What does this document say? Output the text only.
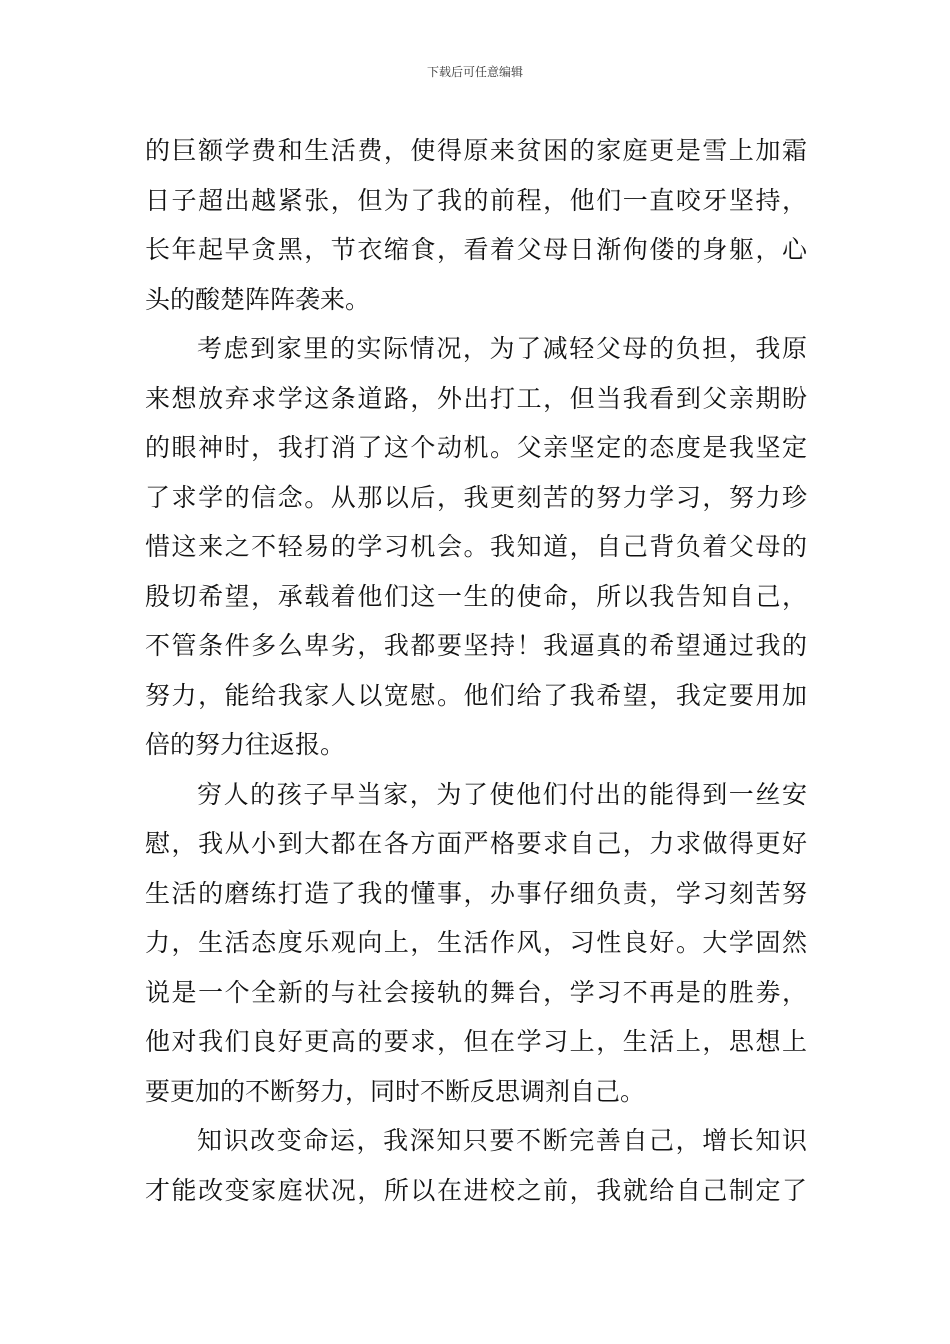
下载后可任意编辑
的巨额学费和生活费，使得原来贫困的家庭更是雪上加霜
日子超出越紧张，但为了我的前程，他们一直咬牙坚持，
长年起早贪黑，节衣缩食，看着父母日渐佝偻的身躯，心
头的酸楚阵阵袭来。
考虑到家里的实际情况，为了减轻父母的负担，我原
来想放弃求学这条道路，外出打工，但当我看到父亲期盼
的眼神时，我打消了这个动机。父亲坚定的态度是我坚定
了求学的信念。从那以后，我更刻苦的努力学习，努力珍
惜这来之不轻易的学习机会。我知道，自己背负着父母的
殷切希望，承载着他们这一生的使命，所以我告知自己，
不管条件多么卑劣，我都要坚持！我逼真的希望通过我的
努力，能给我家人以宽慰。他们给了我希望，我定要用加
倍的努力往返报。
穷人的孩子早当家，为了使他们付出的能得到一丝安
慰，我从小到大都在各方面严格要求自己，力求做得更好
生活的磨练打造了我的懂事，办事仔细负责，学习刻苦努
力，生活态度乐观向上，生活作风，习性良好。大学固然
说是一个全新的与社会接轨的舞台，学习不再是的胜劵，
他对我们良好更高的要求，但在学习上，生活上，思想上
要更加的不断努力，同时不断反思调剂自己。
知识改变命运，我深知只要不断完善自己，增长知识
才能改变家庭状况，所以在进校之前，我就给自己制定了
